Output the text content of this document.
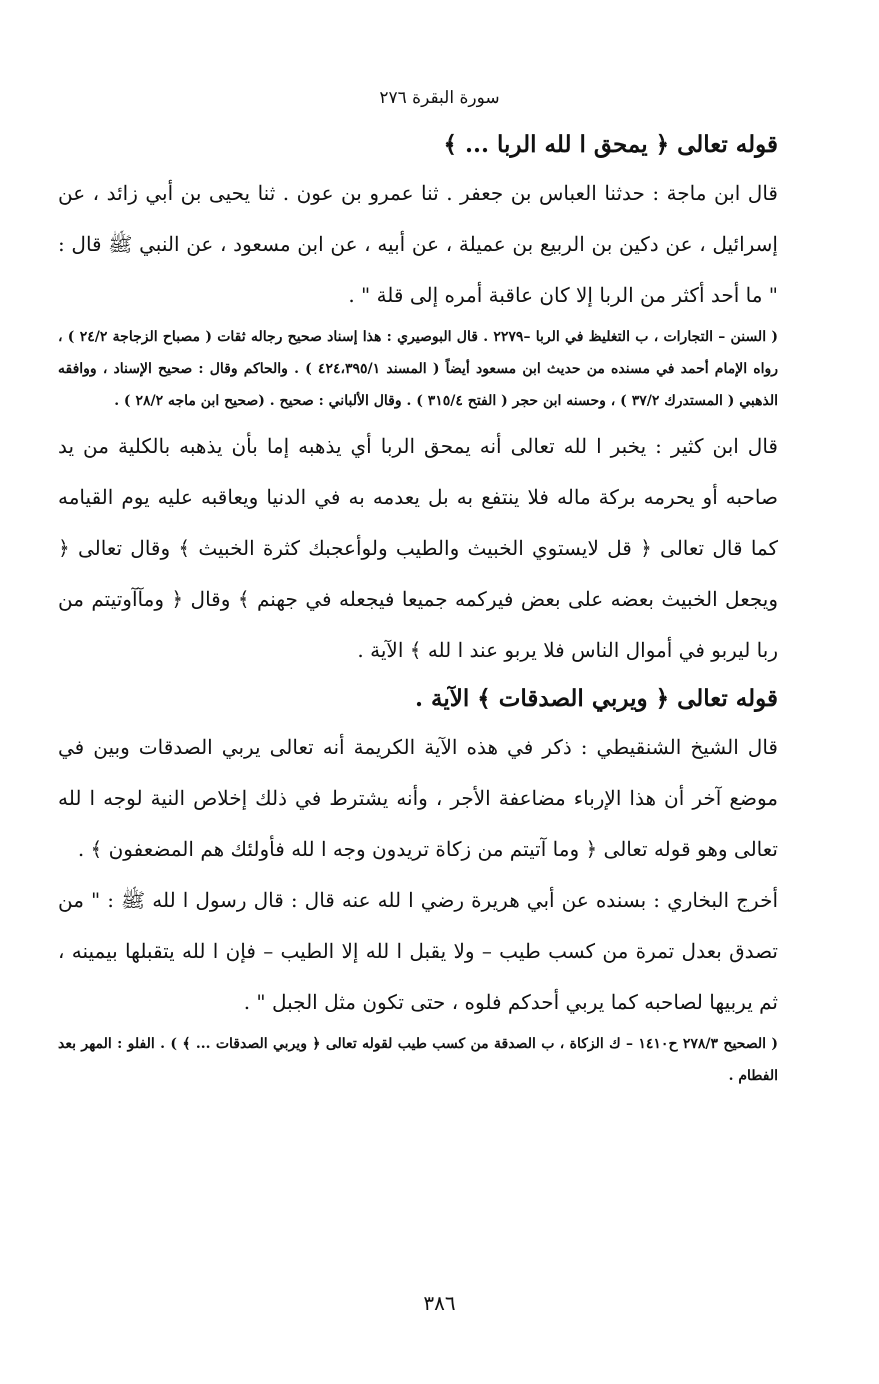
سورة البقرة ٢٧٦
قوله تعالى ﴿ يمحق ا لله الربا ... ﴾

قال ابن ماجة : حدثنا العباس بن جعفر . ثنا عمرو بن عون . ثنا يحيى بن أبي زائد ، عن إسرائيل ، عن دكين بن الربيع بن عميلة ، عن أبيه ، عن ابن مسعود ، عن النبي ﷺ قال : " ما أحد أكثر من الربا إلا كان عاقبة أمره إلى قلة " .

( السنن – التجارات ، ب التغليظ في الربا –٢٢٧٩ . قال البوصيري : هذا إسناد صحيح رجاله ثقات ( مصباح الزجاجة ٢٤/٢ ) ، رواه الإمام أحمد في مسنده من حديث ابن مسعود أيضاً ( المسند ٤٢٤،٣٩٥/١ ) . والحاكم وقال : صحيح الإسناد ، ووافقه الذهبي ( المستدرك ٣٧/٢ ) ، وحسنه ابن حجر ( الفتح ٣١٥/٤ ) . وقال الألباني : صحيح . (صحيح ابن ماجه ٢٨/٢ ) .

قال ابن كثير : يخبر ا لله تعالى أنه يمحق الربا أي يذهبه إما بأن يذهبه بالكلية من يد صاحبه أو يحرمه بركة ماله فلا ينتفع به بل يعدمه به في الدنيا ويعاقبه عليه يوم القيامه كما قال تعالى ﴿ قل لايستوي الخبيث والطيب ولوأعجبك كثرة الخبيث ﴾ وقال تعالى ﴿ ويجعل الخبيث بعضه على بعض فيركمه جميعا فيجعله في جهنم ﴾ وقال ﴿ ومآآوتيتم من ربا ليربو في أموال الناس فلا يربو عند ا لله ﴾ الآية .

قوله تعالى ﴿ ويربي الصدقات ﴾ الآية .

قال الشيخ الشنقيطي : ذكر في هذه الآية الكريمة أنه تعالى يربي الصدقات وبين في موضع آخر أن هذا الإرباء مضاعفة الأجر ، وأنه يشترط في ذلك إخلاص النية لوجه ا لله تعالى وهو قوله تعالى ﴿ وما آتيتم من زكاة تريدون وجه ا لله فأولئك هم المضعفون ﴾ .

أخرج البخاري : بسنده عن أبي هريرة رضي ا لله عنه قال : قال رسول ا لله ﷺ : " من تصدق بعدل تمرة من كسب طيب – ولا يقبل ا لله إلا الطيب – فإن ا لله يتقبلها بيمينه ، ثم يربيها لصاحبه كما يربي أحدكم فلوه ، حتى تكون مثل الجبل " .

( الصحيح ٢٧٨/٣ ح١٤١٠ – ك الزكاة ، ب الصدقة من كسب طيب لقوله تعالى ﴿ ويربي الصدقات ... ﴾ ) . الفلو : المهر بعد الفطام .

٣٨٦
